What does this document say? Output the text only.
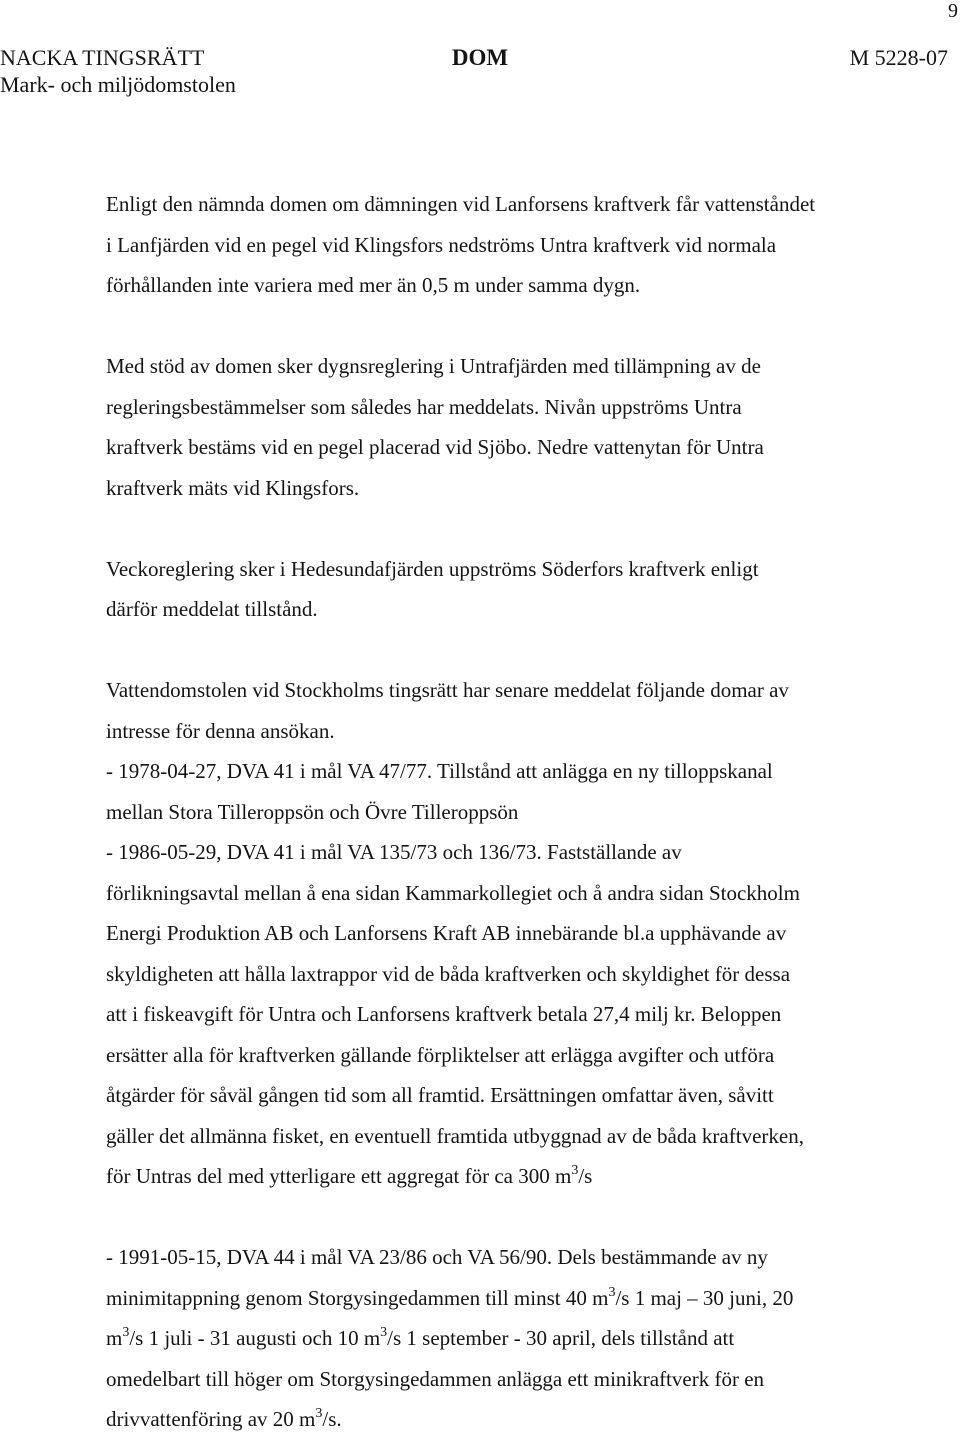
9
NACKA TINGSRÄTT
Mark- och miljödomstolen
DOM	M 5228-07
Enligt den nämnda domen om dämningen vid Lanforsens kraftverk får vattenståndet
i Lanfjärden vid en pegel vid Klingsfors nedströms Untra kraftverk vid normala
förhållanden inte variera med mer än 0,5 m under samma dygn.
Med stöd av domen sker dygnsreglering i Untrafjärden med tillämpning av de
regleringsbestämmelser som således har meddelats. Nivån uppströms Untra
kraftverk bestäms vid en pegel placerad vid Sjöbo. Nedre vattenytan för Untra
kraftverk mäts vid Klingsfors.
Veckoreglering sker i Hedesundafjärden uppströms Söderfors kraftverk enligt
därför meddelat tillstånd.
Vattendomstolen vid Stockholms tingsrätt har senare meddelat följande domar av
intresse för denna ansökan.
- 1978-04-27, DVA 41 i mål VA 47/77. Tillstånd att anlägga en ny tilloppskanal
mellan Stora Tilleroppsön och Övre Tilleroppsön
- 1986-05-29, DVA 41 i mål VA 135/73 och 136/73. Fastställande av
förlikningsavtal mellan å ena sidan Kammarkollegiet och å andra sidan Stockholm
Energi Produktion AB och Lanforsens Kraft AB innebärande bl.a upphävande av
skyldigheten att hålla laxtrappor vid de båda kraftverken och skyldighet för dessa
att i fiskeavgift för Untra och Lanforsens kraftverk betala 27,4 milj kr. Beloppen
ersätter alla för kraftverken gällande förpliktelser att erlägga avgifter och utföra
åtgärder för såväl gången tid som all framtid. Ersättningen omfattar även, såvitt
gäller det allmänna fisket, en eventuell framtida utbyggnad av de båda kraftverken,
för Untras del med ytterligare ett aggregat för ca 300 $m^3/s$
- 1991-05-15, DVA 44 i mål VA 23/86 och VA 56/90. Dels bestämmande av ny
minimitappning genom Storgysingedammen till minst 40 $m^3/s$ 1 maj – 30 juni, 20
$m^3/s$ 1 juli - 31 augusti och 10 $m^3/s$ 1 september - 30 april, dels tillstånd att
omedelbart till höger om Storgysingedammen anlägga ett minikraftverk för en
drivvattenföring av 20 $m^3/s$.
